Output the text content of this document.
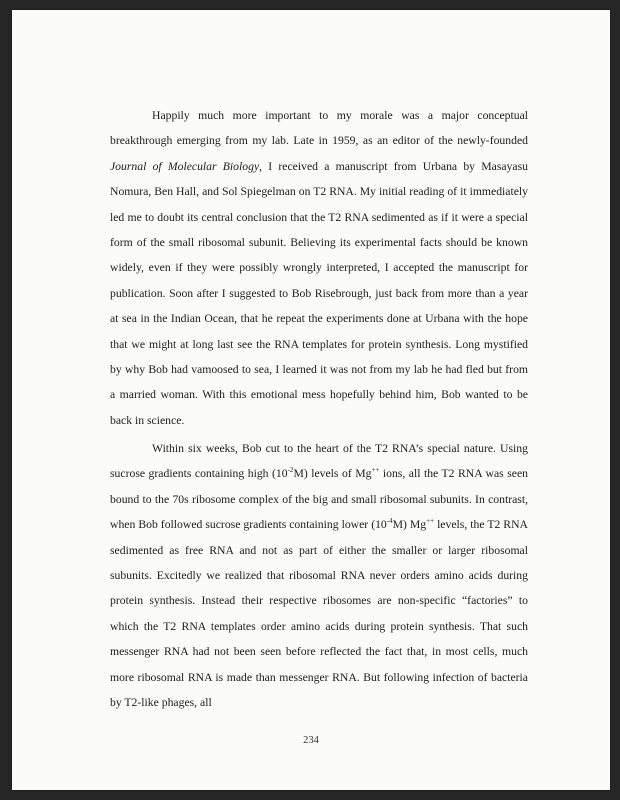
Happily much more important to my morale was a major conceptual breakthrough emerging from my lab. Late in 1959, as an editor of the newly-founded Journal of Molecular Biology, I received a manuscript from Urbana by Masayasu Nomura, Ben Hall, and Sol Spiegelman on T2 RNA. My initial reading of it immediately led me to doubt its central conclusion that the T2 RNA sedimented as if it were a special form of the small ribosomal subunit. Believing its experimental facts should be known widely, even if they were possibly wrongly interpreted, I accepted the manuscript for publication. Soon after I suggested to Bob Risebrough, just back from more than a year at sea in the Indian Ocean, that he repeat the experiments done at Urbana with the hope that we might at long last see the RNA templates for protein synthesis. Long mystified by why Bob had vamoosed to sea, I learned it was not from my lab he had fled but from a married woman. With this emotional mess hopefully behind him, Bob wanted to be back in science.

Within six weeks, Bob cut to the heart of the T2 RNA’s special nature. Using sucrose gradients containing high $(10^{-2}M)$ levels of Mg++ ions, all the T2 RNA was seen bound to the 70s ribosome complex of the big and small ribosomal subunits. In contrast, when Bob followed sucrose gradients containing lower $(10^{-4}M)$ Mg++ levels, the T2 RNA sedimented as free RNA and not as part of either the smaller or larger ribosomal subunits. Excitedly we realized that ribosomal RNA never orders amino acids during protein synthesis. Instead their respective ribosomes are non-specific “factories” to which the T2 RNA templates order amino acids during protein synthesis. That such messenger RNA had not been seen before reflected the fact that, in most cells, much more ribosomal RNA is made than messenger RNA. But following infection of bacteria by T2-like phages, all

234
